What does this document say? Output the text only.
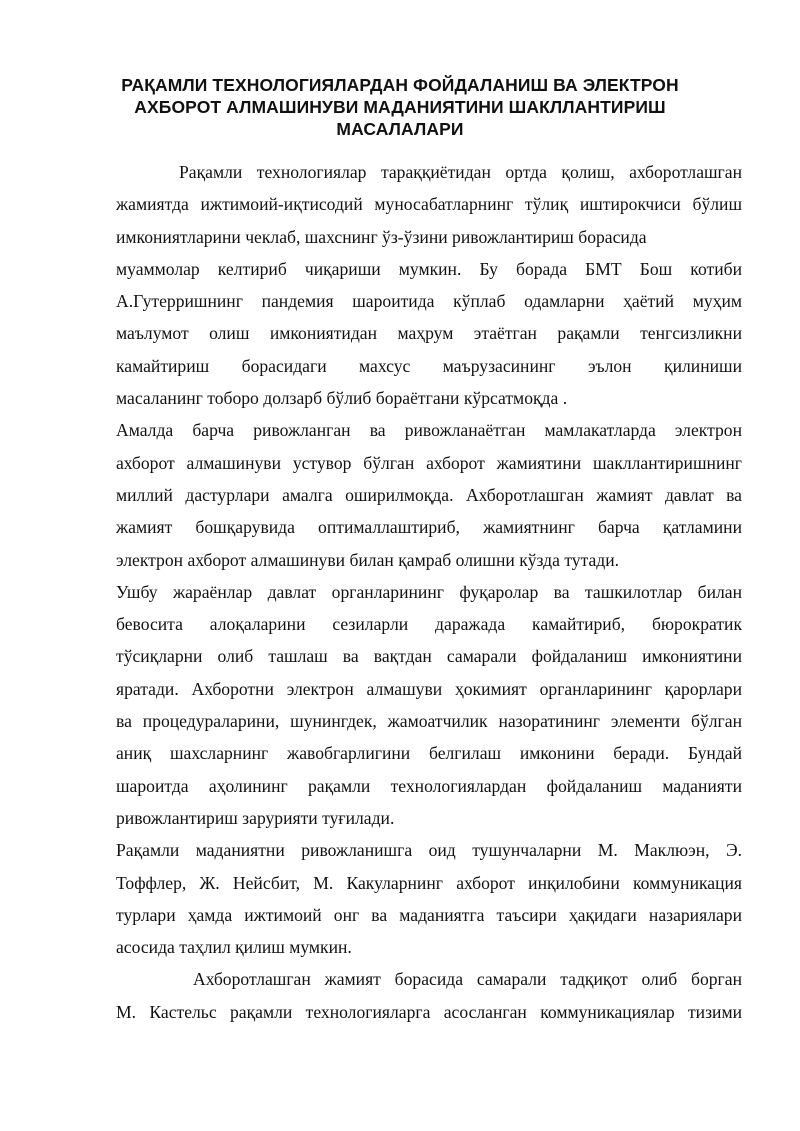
РАҚАМЛИ ТЕХНОЛОГИЯЛАРДАН ФОЙДАЛАНИШ ВА ЭЛЕКТРОН
АХБОРОТ АЛМАШИНУВИ МАДАНИЯТИНИ ШАКЛЛАНТИРИШ
МАСАЛАЛАРИ
Рақамли технологиялар тараққиётидан ортда қолиш, ахборотлашган
жамиятда ижтимоий-иқтисодий муносабатларнинг тўлиқ иштирокчиси бўлиш
имкониятларини чеклаб, шахснинг ўз-ўзини ривожлантириш борасида
муаммолар келтириб чиқариши мумкин. Бу борада БМТ Бош котиби
А.Гутерришнинг пандемия шароитида кўплаб одамларни ҳаётий муҳим
маълумот олиш имкониятидан маҳрум этаётган рақамли тенгсизликни
камайтириш борасидаги махсус маърузасининг эълон қилиниши
масаланинг тоборо долзарб бўлиб бораётгани кўрсатмоқда .
Амалда барча ривожланган ва ривожланаётган мамлакатларда электрон
ахборот алмашинуви устувор бўлган ахборот жамиятини шакллантиришнинг
миллий дастурлари амалга оширилмоқда. Ахборотлашган жамият давлат ва
жамият бошқарувида оптималлаштириб, жамиятнинг барча қатламини
электрон ахборот алмашинуви билан қамраб олишни кўзда тутади.
Ушбу жараёнлар давлат органларининг фуқаролар ва ташкилотлар билан
бевосита алоқаларини сезиларли даражада камайтириб, бюрократик
тўсиқларни олиб ташлаш ва вақтдан самарали фойдаланиш имкониятини
яратади. Ахборотни электрон алмашуви ҳокимият органларининг қарорлари
ва процедураларини, шунингдек, жамоатчилик назоратининг элементи бўлган
аниқ шахсларнинг жавобгарлигини белгилаш имконини беради. Бундай
шароитда аҳолининг рақамли технологиялардан фойдаланиш маданияти
ривожлантириш зарурияти туғилади.
Рақамли маданиятни ривожланишга оид тушунчаларни М. Маклюэн, Э.
Тоффлер, Ж. Нейсбит, М. Какуларнинг ахборот инқилобини коммуникация
турлари ҳамда ижтимоий онг ва маданиятга таъсири ҳақидаги назариялари
асосида таҳлил қилиш мумкин.
Ахборотлашган жамият борасида самарали тадқиқот олиб борган
М. Кастельс рақамли технологияларга асосланган коммуникациялар тизими
